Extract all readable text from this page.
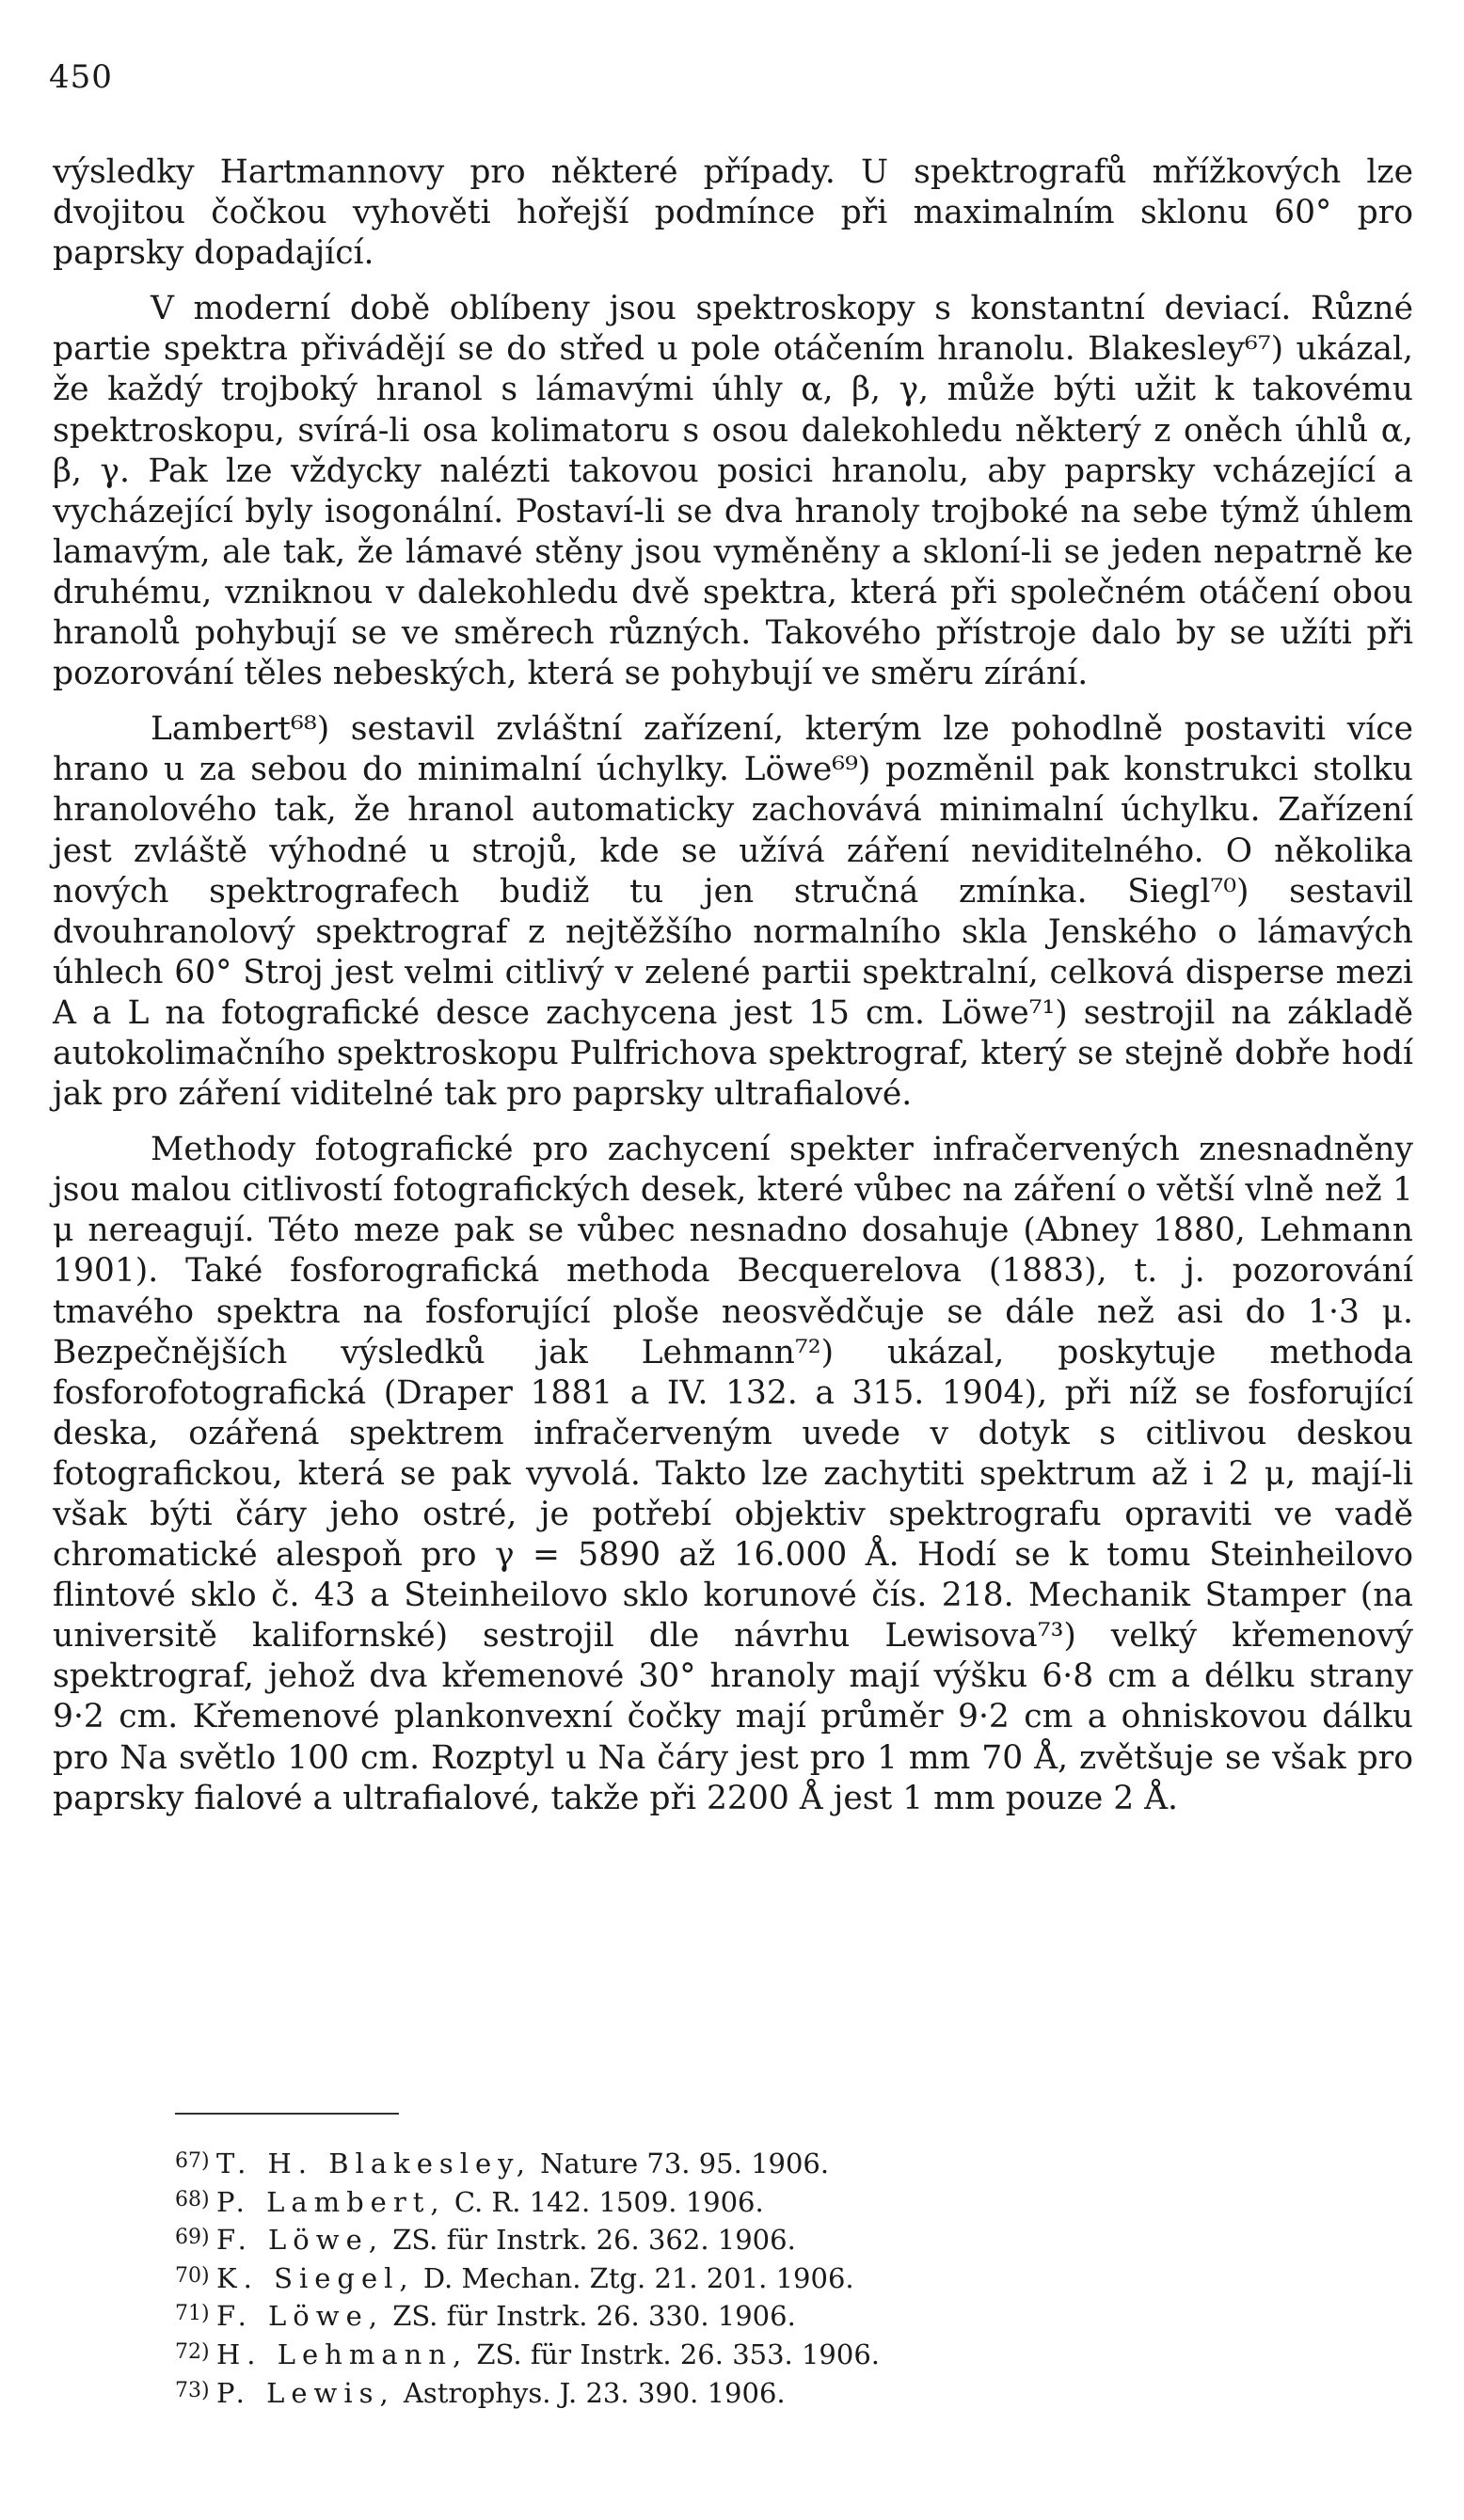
450

výsledky Hartmannovy pro některé případy. U spektrografů mřížkových lze dvojitou čočkou vyhověti hořejší podmínce při maximalním sklonu 60° pro paprsky dopadající.

V moderní době oblíbeny jsou spektroskopy s konstantní deviací. Různé partie spektra přivádějí se do střed u pole otáčením hranolu. Blakesley⁶⁷) ukázal, že každý trojboký hranol s lámavými úhly α, β, γ, může býti užit k takovému spektroskopu, svírá-li osa kolimatoru s osou dalekohledu některý z oněch úhlů α, β, γ. Pak lze vždycky nalézti takovou posici hranolu, aby paprsky vcházející a vycházející byly isogonální. Postaví-li se dva hranoly trojboké na sebe týmž úhlem lamavým, ale tak, že lámavé stěny jsou vyměněny a skloní-li se jeden nepatrně ke druhému, vzniknou v dalekohledu dvě spektra, která při společném otáčení obou hranolů pohybují se ve směrech různých. Takového přístroje dalo by se užíti při pozorování těles nebeských, která se pohybují ve směru zírání.

Lambert⁶⁸) sestavil zvláštní zařízení, kterým lze pohodlně postaviti více hrano u za sebou do minimalní úchylky. Löwe⁶⁹) pozměnil pak konstrukci stolku hranolového tak, že hranol automaticky zachovává minimalní úchylku. Zařízení jest zvláště výhodné u strojů, kde se užívá záření neviditelného. O několika nových spektrografech budiž tu jen stručná zmínka. Siegl⁷⁰) sestavil dvouhranolový spektrograf z nejtěžšího normalního skla Jenského o lámavých úhlech 60° Stroj jest velmi citlivý v zelené partii spektralní, celková disperse mezi A a L na fotografické desce zachycena jest 15 cm. Löwe⁷¹) sestrojil na základě autokolimačního spektroskopu Pulfrichova spektrograf, který se stejně dobře hodí jak pro záření viditelné tak pro paprsky ultrafialové.

Methody fotografické pro zachycení spekter infračervených znesnadněny jsou malou citlivostí fotografických desek, které vůbec na záření o větší vlně než 1 μ nereagují. Této meze pak se vůbec nesnadno dosahuje (Abney 1880, Lehmann 1901). Také fosforografická methoda Becquerelova (1883), t. j. pozorování tmavého spektra na fosforující ploše neosvědčuje se dále než asi do 1·3 μ. Bezpečnějších výsledků jak Lehmann⁷²) ukázal, poskytuje methoda fosforofotografická (Draper 1881 a IV. 132. a 315. 1904), při níž se fosforující deska, ozářená spektrem infračerveným uvede v dotyk s citlivou deskou fotografickou, která se pak vyvolá. Takto lze zachytiti spektrum až i 2 μ, mají-li však býti čáry jeho ostré, je potřebí objektiv spektrografu opraviti ve vadě chromatické alespoň pro γ = 5890 až 16.000 Å. Hodí se k tomu Steinheilovo flintové sklo č. 43 a Steinheilovo sklo korunové čís. 218. Mechanik Stamper (na universitě kalifornské) sestrojil dle návrhu Lewisova⁷³) velký křemenový spektrograf, jehož dva křemenové 30° hranoly mají výšku 6·8 cm a délku strany 9·2 cm. Křemenové plankonvexní čočky mají průměr 9·2 cm a ohniskovou dálku pro Na světlo 100 cm. Rozptyl u Na čáry jest pro 1 mm 70 Å, zvětšuje se však pro paprsky fialové a ultrafialové, takže při 2200 Å jest 1 mm pouze 2 Å.

67) T. H. Blakesley, Nature 73. 95. 1906.
68) P. Lambert, C. R. 142. 1509. 1906.
69) F. Löwe, ZS. für Instrk. 26. 362. 1906.
70) K. Siegel, D. Mechan. Ztg. 21. 201. 1906.
71) F. Löwe, ZS. für Instrk. 26. 330. 1906.
72) H. Lehmann, ZS. für Instrk. 26. 353. 1906.
73) P. Lewis, Astrophys. J. 23. 390. 1906.
